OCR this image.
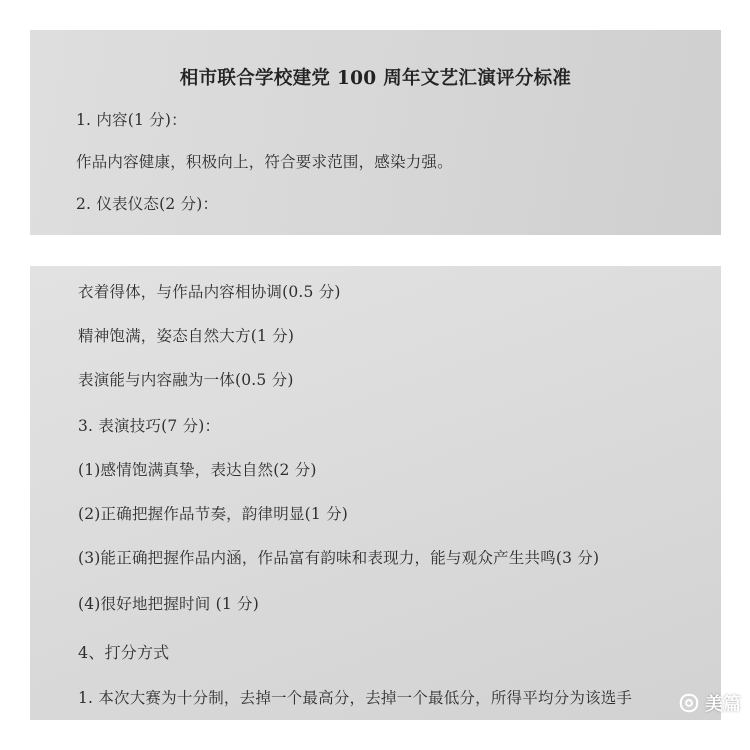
相市联合学校建党 100 周年文艺汇演评分标准
1. 内容(1 分)：
作品内容健康，积极向上，符合要求范围，感染力强。
2. 仪表仪态(2 分)：
衣着得体，与作品内容相协调(0.5 分)
精神饱满，姿态自然大方(1 分)
表演能与内容融为一体(0.5 分)
3. 表演技巧(7 分)：
(1)感情饱满真挚，表达自然(2 分)
(2)正确把握作品节奏，韵律明显(1 分)
(3)能正确把握作品内涵，作品富有韵味和表现力，能与观众产生共鸣(3 分)
(4)很好地把握时间 (1 分)
4、打分方式
1. 本次大赛为十分制，去掉一个最高分，去掉一个最低分，所得平均分为该选手	美篇
